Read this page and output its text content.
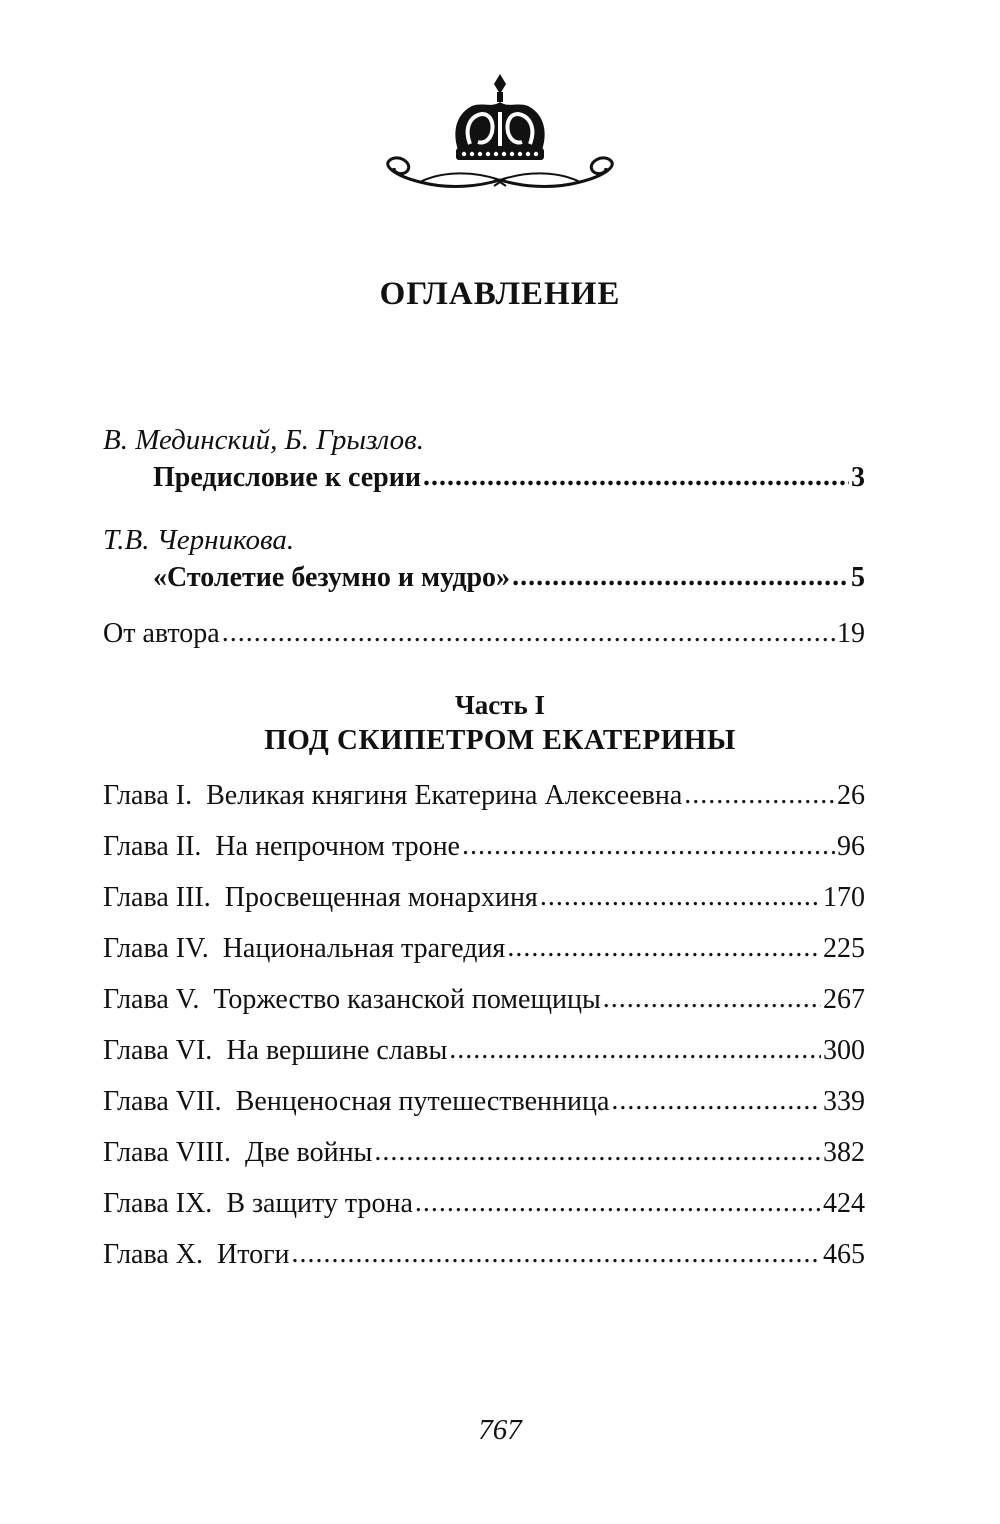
ОГЛАВЛЕНИЕ
В. Мединский, Б. Грызлов.
Предисловие к серии . . .	3
Т.В. Черникова.
«Столетие безумно и мудро» . . .	5
От автора . . .	19
Часть I
ПОД СКИПЕТРОМ ЕКАТЕРИНЫ
Глава I. Великая княгиня Екатерина Алексеевна . . .	26
Глава II. На непрочном троне . . .	96
Глава III. Просвещенная монархиня . . .	170
Глава IV. Национальная трагедия . . .	225
Глава V. Торжество казанской помещицы . . .	267
Глава VI. На вершине славы . . .	300
Глава VII. Венценосная путешественница . . .	339
Глава VIII. Две войны . . .	382
Глава IX. В защиту трона . . .	424
Глава X. Итоги . . .	465
767
